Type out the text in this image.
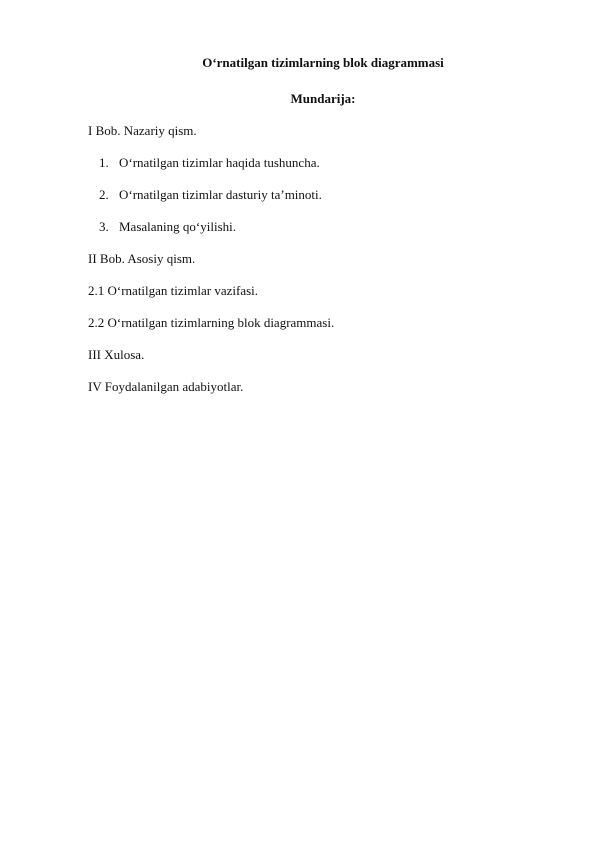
O‘rnatilgan tizimlarning blok diagrammasi
Mundarija:
I Bob. Nazariy qism.
1. O‘rnatilgan tizimlar haqida tushuncha.
2. O‘rnatilgan tizimlar dasturiy ta’minoti.
3. Masalaning qo‘yilishi.
II Bob. Asosiy qism.
2.1 O‘rnatilgan tizimlar vazifasi.
2.2 O‘rnatilgan tizimlarning blok diagrammasi.
III Xulosa.
IV Foydalanilgan adabiyotlar.
